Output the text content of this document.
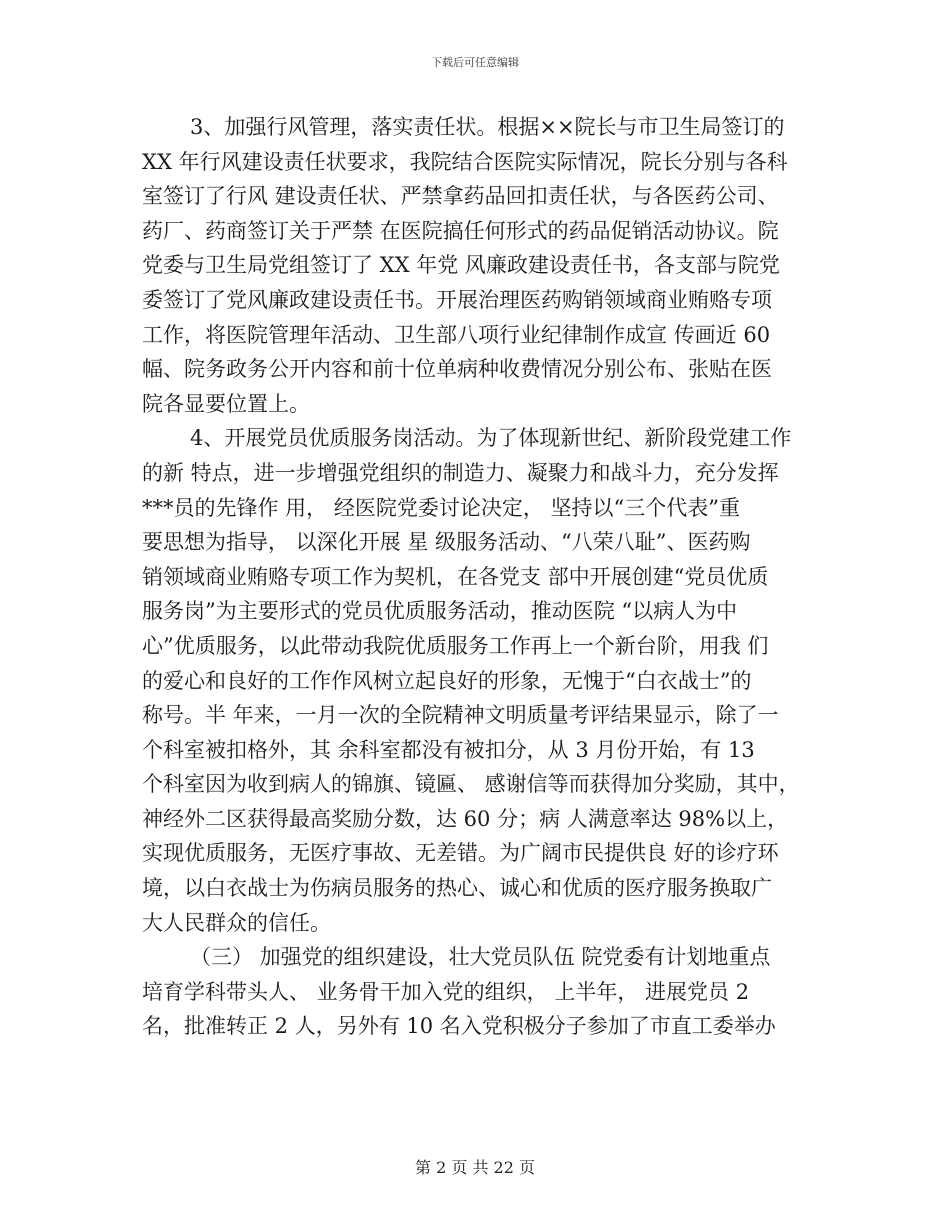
下载后可任意编辑
3、加强行风管理，落实责任状。根据××院长与市卫生局签订的
XX 年行风建设责任状要求，我院结合医院实际情况，院长分别与各科
室签订了行风 建设责任状、严禁拿药品回扣责任状，与各医药公司、
药厂、药商签订关于严禁 在医院搞任何形式的药品促销活动协议。院
党委与卫生局党组签订了 XX 年党 风廉政建设责任书，各支部与院党
委签订了党风廉政建设责任书。开展治理医药购销领域商业贿赂专项
工作，将医院管理年活动、卫生部八项行业纪律制作成宣 传画近 60
幅、院务政务公开内容和前十位单病种收费情况分别公布、张贴在医
院各显要位置上。
4、开展党员优质服务岗活动。为了体现新世纪、新阶段党建工作
的新 特点，进一步增强党组织的制造力、凝聚力和战斗力，充分发挥
***员的先锋作 用， 经医院党委讨论决定， 坚持以“三个代表”重
要思想为指导， 以深化开展 星 级服务活动、“八荣八耻”、医药购
销领域商业贿赂专项工作为契机，在各党支 部中开展创建“党员优质
服务岗”为主要形式的党员优质服务活动，推动医院 “以病人为中
心”优质服务，以此带动我院优质服务工作再上一个新台阶，用我 们
的爱心和良好的工作作风树立起良好的形象，无愧于“白衣战士”的
称号。半 年来，一月一次的全院精神文明质量考评结果显示，除了一
个科室被扣格外，其 余科室都没有被扣分，从 3 月份开始，有 13
个科室因为收到病人的锦旗、镜匾、 感谢信等而获得加分奖励，其中，
神经外二区获得最高奖励分数，达 60 分；病 人满意率达 98%以上，
实现优质服务，无医疗事故、无差错。为广阔市民提供良 好的诊疗环
境，以白衣战士为伤病员服务的热心、诚心和优质的医疗服务换取广
大人民群众的信任。
（三） 加强党的组织建设，壮大党员队伍 院党委有计划地重点
培育学科带头人、 业务骨干加入党的组织， 上半年， 进展党员 2
名，批准转正 2 人，另外有 10 名入党积极分子参加了市直工委举办
第 2 页 共 22 页
